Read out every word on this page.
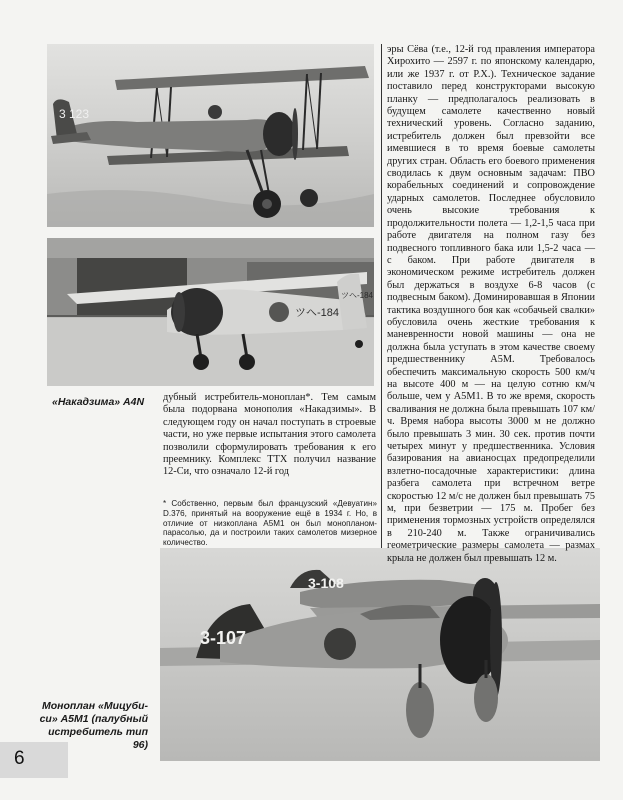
3 123
ツヘ-184
ツヘ-184
3-108
3-107
«Накадзима» A4N
Моноплан «Мицуби-си» A5M1 (палубный истребитель тип 96)

дубный истребитель-моноплан*. Тем самым была подорвана монополия «Накадзимы». В следующем году он начал поступать в строевые части, но уже первые испытания этого самолета позволили сформулировать требования к его преемнику. Комплекс ТТХ получил название 12-Си, что означало 12-й год

* Собственно, первым был французский «Девуатин» D.376, принятый на вооружение ещё в 1934 г. Но, в отличие от низкоплана А5М1 он был монопланом-парасолью, да и построили таких самолетов мизерное количество.

эры Сёва (т.е., 12-й год правления императора Хирохито — 2597 г. по японскому календарю, или же 1937 г. от Р.Х.). Техническое задание поставило перед конструкторами высокую планку — предполагалось реализовать в будущем самолете качественно новый технический уровень. Согласно заданию, истребитель должен был превзойти все имевшиеся в то время боевые самолеты других стран. Область его боевого применения сводилась к двум основным задачам: ПВО корабельных соединений и сопровождение ударных самолетов. Последнее обусловило очень высокие требования к продолжительности полета — 1,2-1,5 часа при работе двигателя на полном газу без подвесного топливного бака или 1,5-2 часа — с баком. При работе двигателя в экономическом режиме истребитель должен был держаться в воздухе 6-8 часов (с подвесным баком). Доминировавшая в Японии тактика воздушного боя как «собачьей свалки» обусловила очень жесткие требования к маневренности новой машины — она не должна была уступать в этом качестве своему предшественнику A5M. Требовалось обеспечить максимальную скорость 500 км/ч на высоте 400 м — на целую сотню км/ч больше, чем у A5M1. В то же время, скорость сваливания не должна была превышать 107 км/ч. Время набора высоты 3000 м не должно было превышать 3 мин. 30 сек. против почти четырех минут у предшественника. Условия базирования на авианосцах предопределили взлетно-посадочные характеристики: длина разбега самолета при встречном ветре скоростью 12 м/с не должен был превышать 75 м, при безветрии — 175 м. Пробег без применения тормозных устройств определялся в 210-240 м. Также ограничивались геометрические размеры самолета — размах крыла не должен был превышать 12 м.

6
